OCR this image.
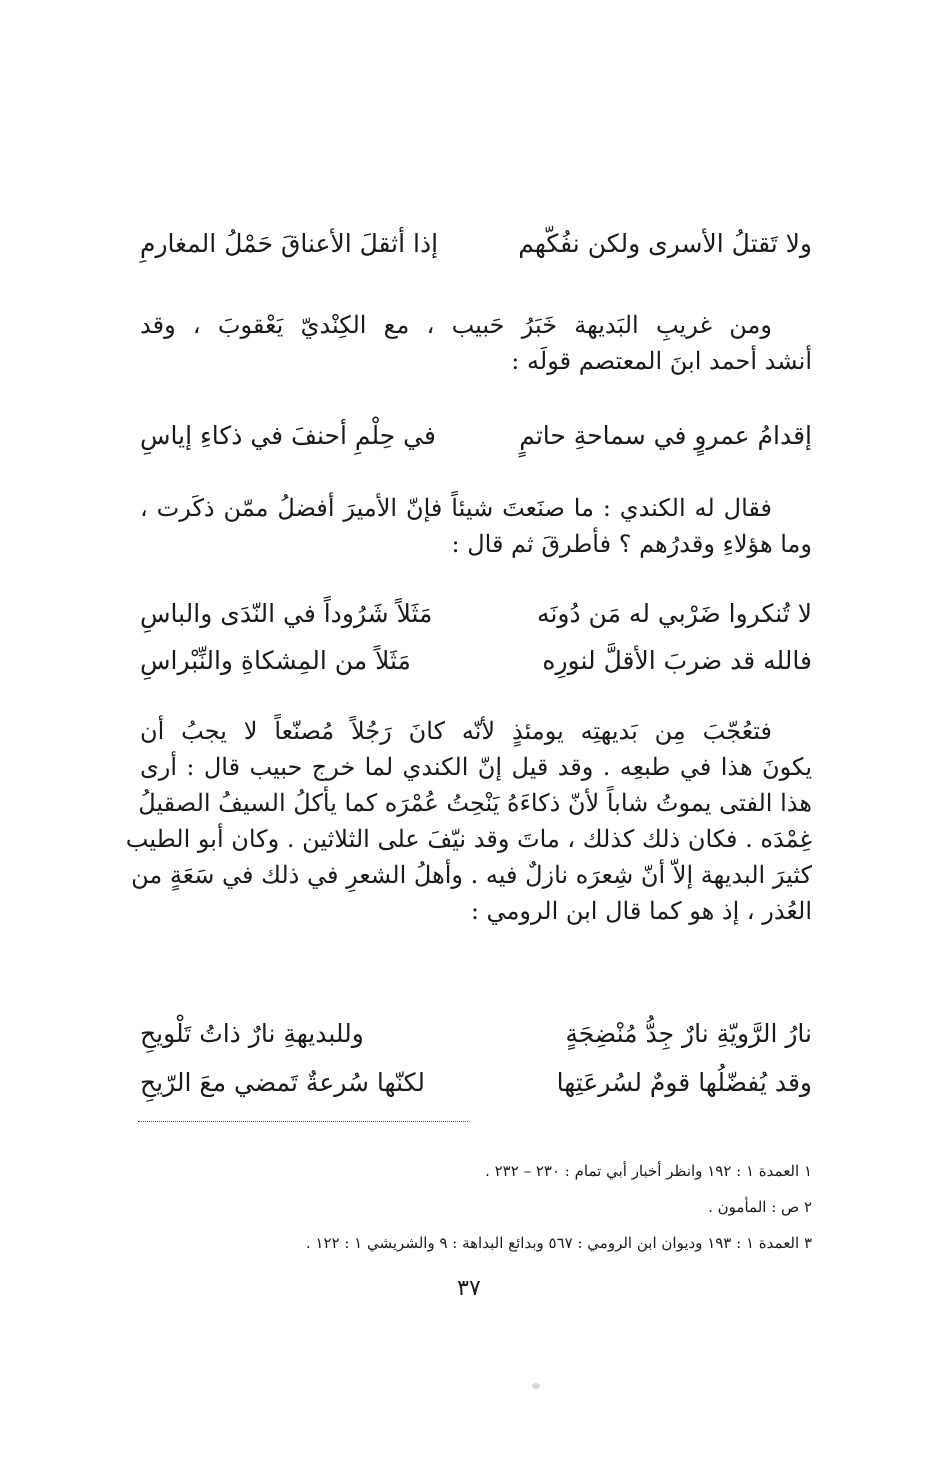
ولا تَقتلُ الأسرى ولكن نفُكّهم
إذا أثقلَ الأعناقَ حَمْلُ المغارمِ
ومن غريبِ البَديهة خَبَرُ حَبيب ، مع الكِنْديّ يَعْقوبَ ، وقد
أنشد أحمد ابنَ المعتصم قولَه :
إقدامُ عمروٍ في سماحةِ حاتمٍ
في حِلْمِ أحنفَ في ذكاءِ إياسِ
فقال له الكندي : ما صنَعتَ شيئاً فإنّ الأميرَ أفضلُ ممّن ذكَرت ،
وما هؤلاءِ وقدرُهم ؟ فأطرقَ ثم قال :
لا تُنكروا ضَرْبي له مَن دُونَه
مَثَلاً شَرُوداً في النّدَى والباسِ
فالله قد ضربَ الأقلَّ لنورِه
مَثَلاً من المِشكاةِ والنِّبْراسِ
فتعُجّبَ مِن بَديهتِه يومئذٍ لأنّه كانَ رَجُلاً مُصنّعاً لا يجبُ أن
يكونَ هذا في طبعِه . وقد قيل إنّ الكندي لما خرج حبيب قال : أرى
هذا الفتى يموتُ شاباً لأنّ ذكاءَهُ يَنْحِتُ عُمْرَه كما يأكلُ السيفُ الصقيلُ
غِمْدَه . فكان ذلك كذلك ، ماتَ وقد نيّفَ على الثلاثين . وكان أبو الطيب
كثيرَ البديهة إلاّ أنّ شِعرَه نازلٌ فيه . وأهلُ الشعرِ في ذلك في سَعَةٍ من
العُذر ، إذ هو كما قال ابن الرومي :
نارُ الرَّويّةِ نارٌ جِدُّ مُنْضِجَةٍ
وللبديهةِ نارٌ ذاتُ تَلْويحِ
وقد يُفضّلُها قومٌ لسُرعَتِها
لكنّها سُرعةٌ تَمضي معَ الرّيحِ
١ العمدة ١ : ١٩٢ وانظر أخبار أبي تمام : ٢٣٠ – ٢٣٢ .
٢ ص : المأمون .
٣ العمدة ١ : ١٩٣ وديوان ابن الرومي : ٥٦٧ وبدائع البداهة : ٩ والشريشي ١ : ١٢٢ .
٣٧
